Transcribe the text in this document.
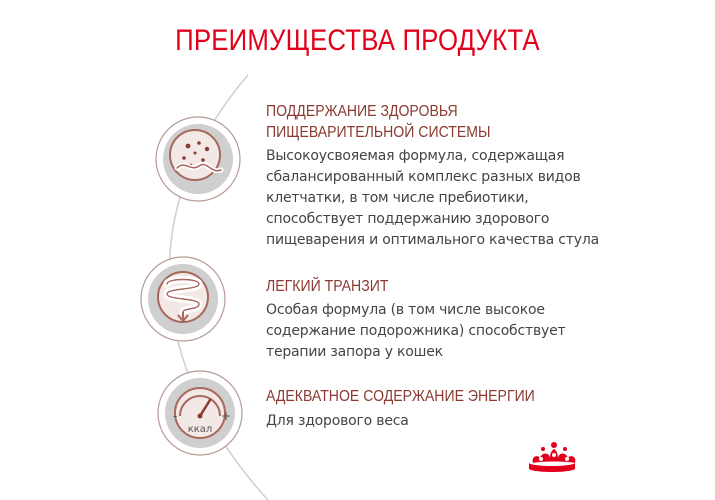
ПРЕИМУЩЕСТВА ПРОДУКТА
ПОДДЕРЖАНИЕ ЗДОРОВЬЯ
ПИЩЕВАРИТЕЛЬНОЙ СИСТЕМЫ
Высокоусвояемая формула, содержащая
сбалансированный комплекс разных видов
клетчатки, в том числе пребиотики,
способствует поддержанию здорового
пищеварения и оптимального качества стула
ЛЕГКИЙ ТРАНЗИТ
Особая формула (в том числе высокое
содержание подорожника) способствует
терапии запора у кошек
-	+
ккал
АДЕКВАТНОЕ СОДЕРЖАНИЕ ЭНЕРГИИ
Для здорового веса
